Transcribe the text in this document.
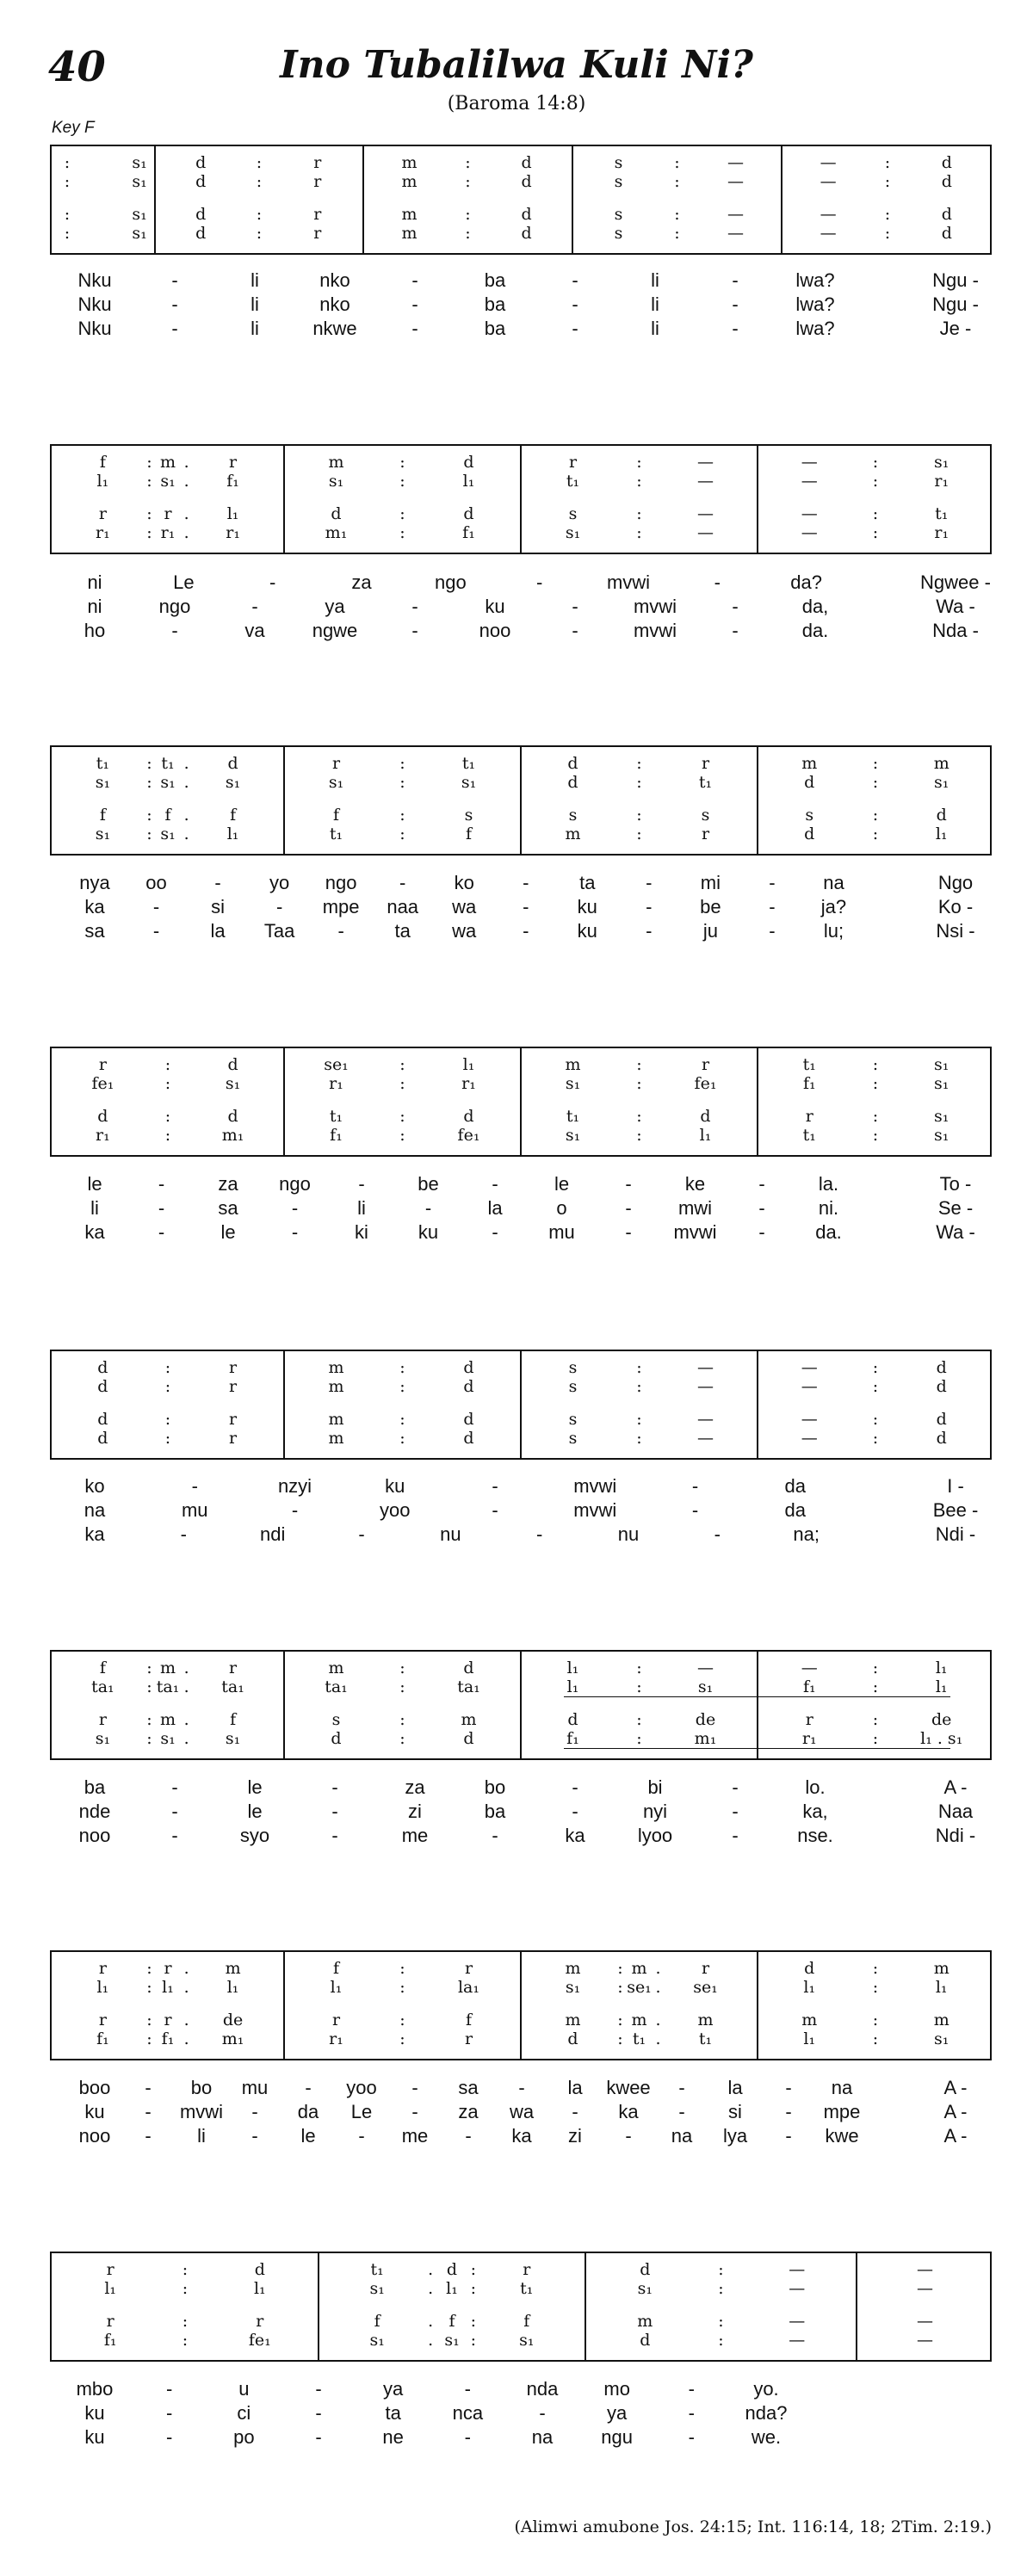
40	Ino Tubalilwa Kuli Ni?
(Baroma 14:8)
Key F
:	s₁	d	:	r	m	:	d	s	:	—	—	:	d
:	s₁	d	:	r	m	:	d	s	:	—	—	:	d
:	s₁	d	:	r	m	:	d	s	:	—	—	:	d
:	s₁	d	:	r	m	:	d	s	:	—	—	:	d
Nku	-	li	nko	-	ba	-	li	-	lwa?	Ngu -
Nku	-	li	nko	-	ba	-	li	-	lwa?	Ngu -
Nku	-	li	nkwe	-	ba	-	li	-	lwa?	Je -
f	: m .	r	m	:	d	r	:	—	—	:	s₁
l₁	: s₁ .	f₁	s₁	:	l₁	t₁	:	—	—	:	r₁
r	: r .	l₁	d	:	d	s	:	—	—	:	t₁
r₁	: r₁ .	r₁	m₁	:	f₁	s₁	:	—	—	:	r₁
ni	Le	-	za	ngo	-	mvwi	-	da?	Ngwee -
ni	ngo	-	ya	-	ku	-	mvwi	-	da,	Wa -
ho	-	va	ngwe	-	noo	-	mvwi	-	da.	Nda -
t₁	: t₁ .	d	r	:	t₁	d	:	r	m	:	m
s₁	: s₁ .	s₁	s₁	:	s₁	d	:	t₁	d	:	s₁
f	: f .	f	f	:	s	s	:	s	s	:	d
s₁	: s₁ .	l₁	t₁	:	f	m	:	r	d	:	l₁
nya	oo	-	yo	ngo	-	ko	-	ta	-	mi	-	na	Ngo
ka	-	si	-	mpe	naa	wa	-	ku	-	be	-	ja?	Ko -
sa	-	la	Taa	-	ta	wa	-	ku	-	ju	-	lu;	Nsi -
r	:	d	se₁	:	l₁	m	:	r	t₁	:	s₁
fe₁	:	s₁	r₁	:	r₁	s₁	:	fe₁	f₁	:	s₁
d	:	d	t₁	:	d	t₁	:	d	r	:	s₁
r₁	:	m₁	f₁	:	fe₁	s₁	:	l₁	t₁	:	s₁
le	-	za	ngo	-	be	-	le	-	ke	-	la.	To -
li	-	sa	-	li	-	la	o	-	mwi	-	ni.	Se -
ka	-	le	-	ki	ku	-	mu	-	mvwi	-	da.	Wa -
d	:	r	m	:	d	s	:	—	—	:	d
d	:	r	m	:	d	s	:	—	—	:	d
d	:	r	m	:	d	s	:	—	—	:	d
d	:	r	m	:	d	s	:	—	—	:	d
ko	-	nzyi	ku	-	mvwi	-	da	I -
na	mu	-	yoo	-	mvwi	-	da	Bee -
ka	-	ndi	-	nu	-	nu	-	na;	Ndi -
f	: m .	r	m	:	d	l₁	:	—	—	:	l₁
ta₁	: ta₁ .	ta₁	ta₁	:	ta₁	l₁	:	s₁	f₁	:	l₁
r	: m .	f	s	:	m	d	:	de	r	:	de
s₁	: s₁ .	s₁	d	:	d	f₁	:	m₁	r₁	:	l₁ . s₁
ba	-	le	-	za	bo	-	bi	-	lo.	A -
nde	-	le	-	zi	ba	-	nyi	-	ka,	Naa
noo	-	syo	-	me	-	ka	lyoo	-	nse.	Ndi -
r	: r .	m	f	:	r	m	: m .	r	d	:	m
l₁	: l₁ .	l₁	l₁	:	la₁	s₁	: se₁ .	se₁	l₁	:	l₁
r	: r .	de	r	:	f	m	: m .	m	m	:	m
f₁	: f₁ .	m₁	r₁	:	r	d	: t₁ .	t₁	l₁	:	s₁
boo	-	bo	mu	-	yoo	-	sa	-	la	kwee	-	la	-	na	A -
ku	-	mvwi	-	da	Le	-	za	wa	-	ka	-	si	-	mpe	A -
noo	-	li	-	le	-	me	-	ka	zi	-	na	lya	-	kwe	A -
r	:	d	t₁	. d :	r	d	:	—	—
l₁	:	l₁	s₁	. l₁ :	t₁	s₁	:	—	—
r	:	r	f	. f :	f	m	:	—	—
f₁	:	fe₁	s₁	. s₁ :	s₁	d	:	—	—
mbo	-	u	-	ya	-	nda	mo	-	yo.
ku	-	ci	-	ta	nca	-	ya	-	nda?
ku	-	po	-	ne	-	na	ngu	-	we.
(Alimwi amubone Jos. 24:15; Int. 116:14, 18; 2Tim. 2:19.)
